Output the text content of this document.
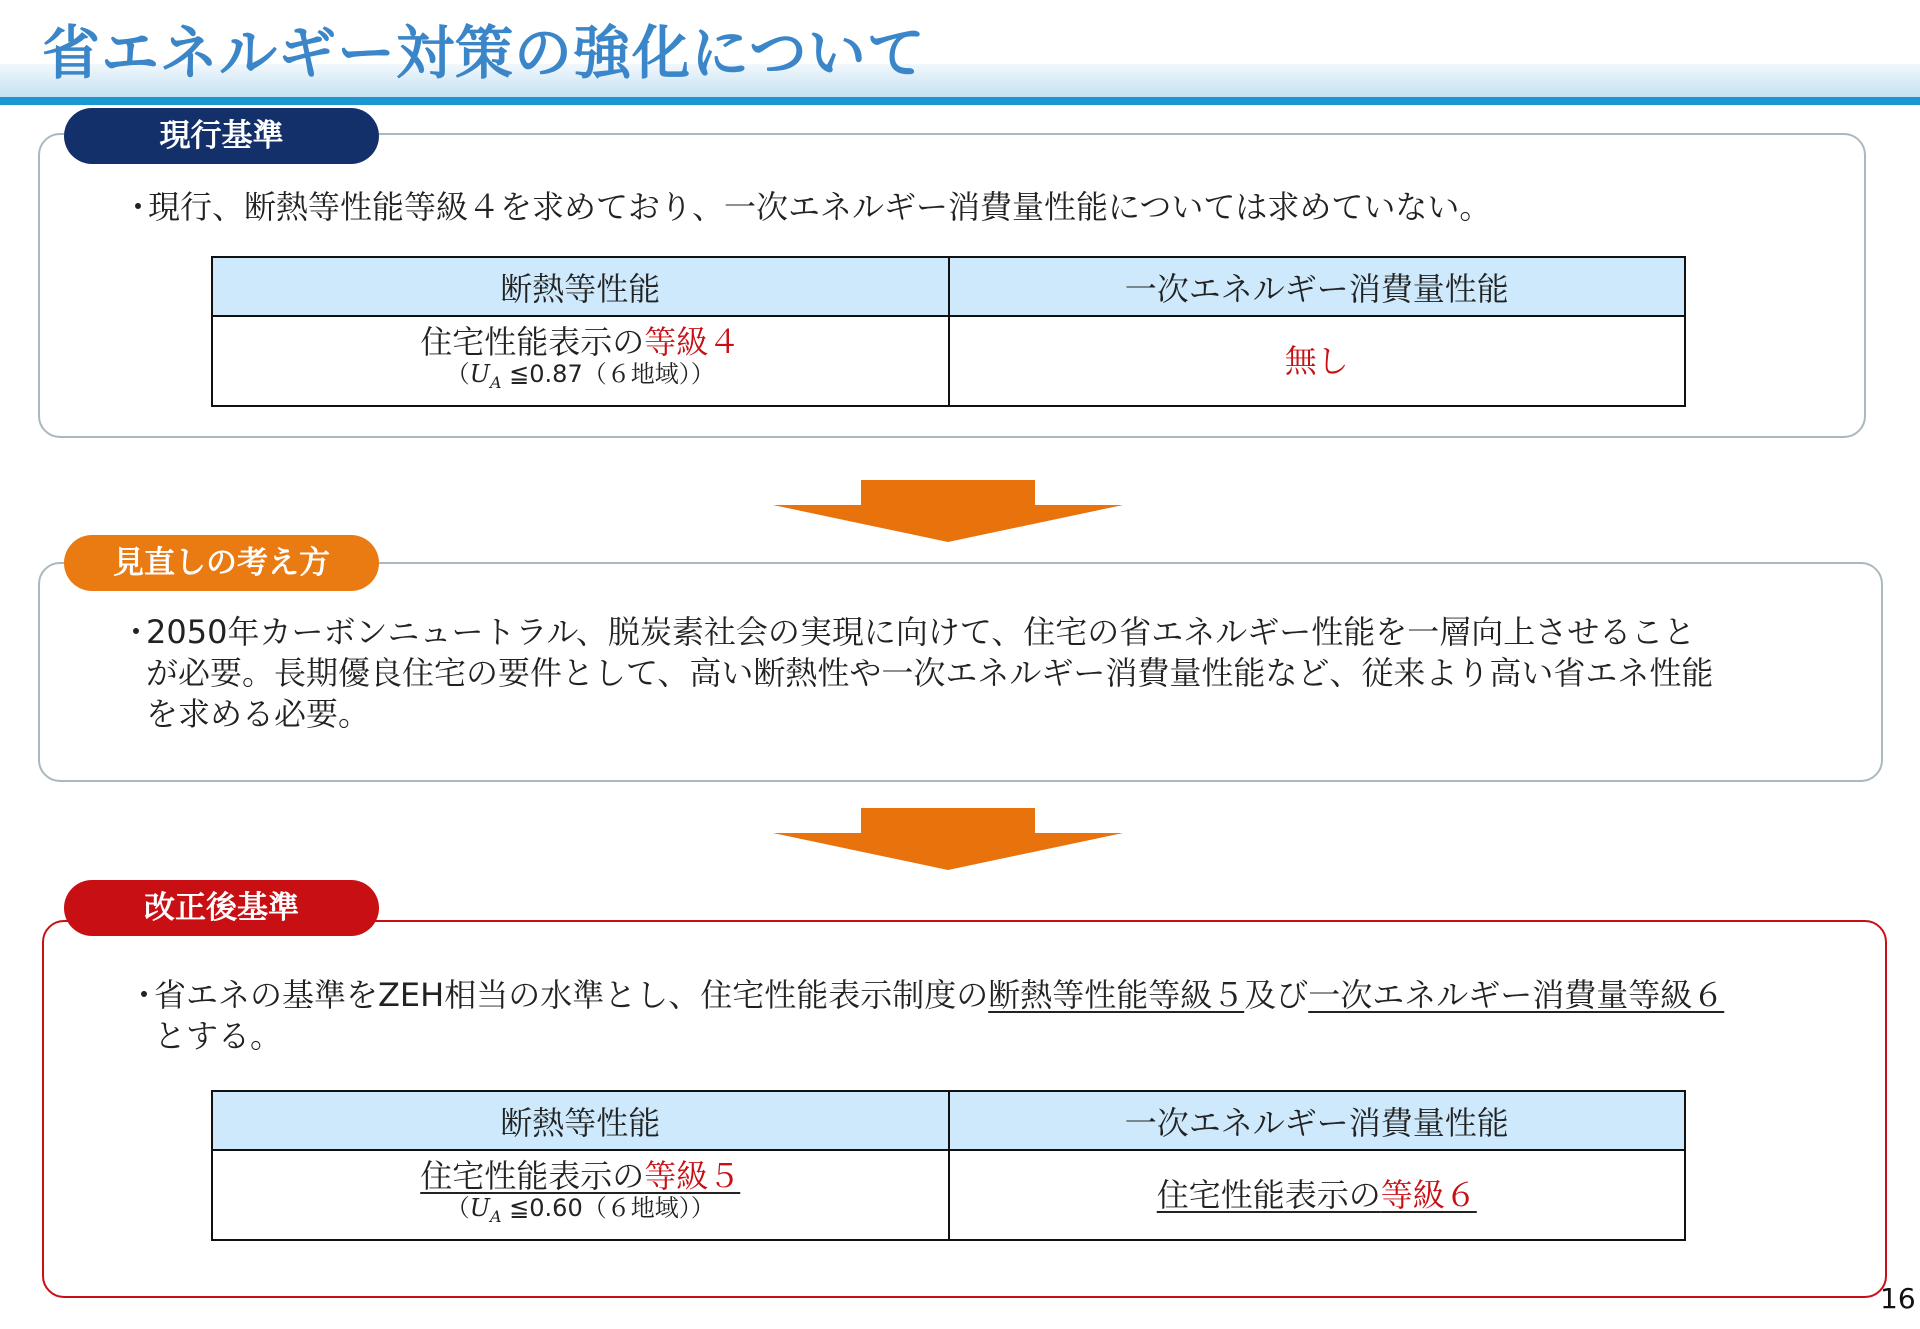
省エネルギー対策の強化について
現行基準

・現行、断熱等性能等級４を求めており、一次エネルギー消費量性能については求めていない。

断熱等性能	一次エネルギー消費量性能
住宅性能表示の等級４
（$U_A$ ≦0.87（６地域））	無し
見直しの考え方

・2050年カーボンニュートラル、脱炭素社会の実現に向けて、住宅の省エネルギー性能を一層向上させること

が必要。長期優良住宅の要件として、高い断熱性や一次エネルギー消費量性能など、従来より高い省エネ性能
を求める必要。

改正後基準

・省エネの基準をZEH相当の水準とし、住宅性能表示制度の断熱等性能等級５及び一次エネルギー消費量等級６

とする。

断熱等性能	一次エネルギー消費量性能
住宅性能表示の等級５
（$U_A$ ≦0.60（６地域））	住宅性能表示の等級６
16
